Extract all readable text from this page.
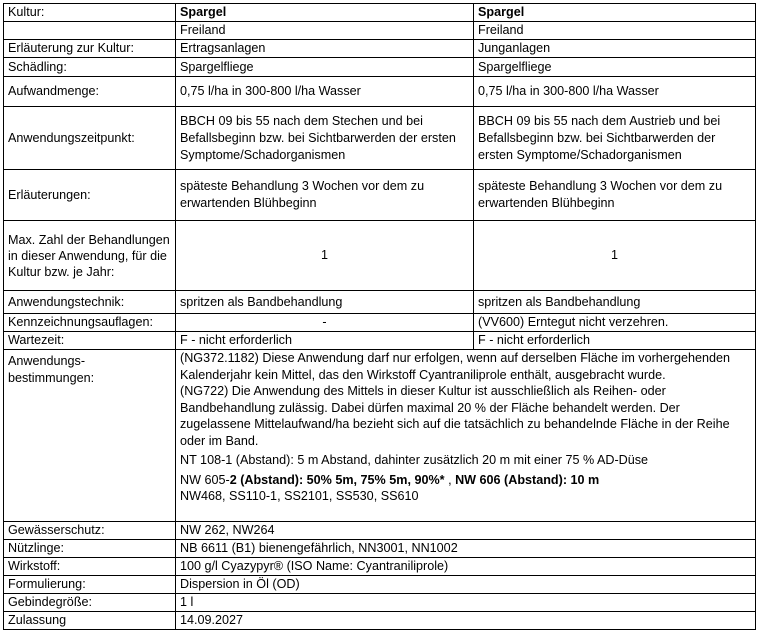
Kultur:	Spargel	Spargel
	Freiland	Freiland
Erläuterung zur Kultur:	Ertragsanlagen	Junganlagen
Schädling:	Spargelfliege	Spargelfliege
Aufwandmenge:	0,75 l/ha in 300-800 l/ha Wasser	0,75 l/ha in 300-800 l/ha Wasser
Anwendungszeitpunkt:	BBCH 09 bis 55 nach dem Stechen und bei Befallsbeginn bzw. bei Sichtbarwerden der ersten Symptome/Schadorganismen	BBCH 09 bis 55 nach dem Austrieb und bei Befallsbeginn bzw. bei Sichtbarwerden der ersten Symptome/Schadorganismen
Erläuterungen:	späteste Behandlung 3 Wochen vor dem zu erwartenden Blühbeginn	späteste Behandlung 3 Wochen vor dem zu erwartenden Blühbeginn
Max. Zahl der Behandlungen in dieser Anwendung, für die Kultur bzw. je Jahr:	1	1
Anwendungstechnik:	spritzen als Bandbehandlung	spritzen als Bandbehandlung
Kennzeichnungsauflagen:	-	(VV600) Erntegut nicht verzehren.
Wartezeit:	F - nicht erforderlich	F - nicht erforderlich
Anwendungs-bestimmungen:	(NG372.1182) Diese Anwendung darf nur erfolgen, wenn auf derselben Fläche im vorhergehenden Kalenderjahr kein Mittel, das den Wirkstoff Cyantraniliprole enthält, ausgebracht wurde.

(NG722) Die Anwendung des Mittels in dieser Kultur ist ausschließlich als Reihen- oder Bandbehandlung zulässig. Dabei dürfen maximal 20 % der Fläche behandelt werden. Der zugelassene Mittelaufwand/ha bezieht sich auf die tatsächlich zu behandelnde Fläche in der Reihe oder im Band.

NT 108-1 (Abstand): 5 m Abstand, dahinter zusätzlich 20 m mit einer 75 % AD-Düse

NW 605-2 (Abstand): 50% 5m, 75% 5m, 90%* , NW 606 (Abstand): 10 m

NW468, SS110-1, SS2101, SS530, SS610	

Gewässerschutz:	NW 262, NW264	
Nützlinge:	NB 6611 (B1) bienengefährlich, NN3001, NN1002	
Wirkstoff:	100 g/l Cyazypyr® (ISO Name: Cyantraniliprole)	
Formulierung:	Dispersion in Öl (OD)	
Gebindegröße:	1 l	
Zulassung	14.09.2027	
